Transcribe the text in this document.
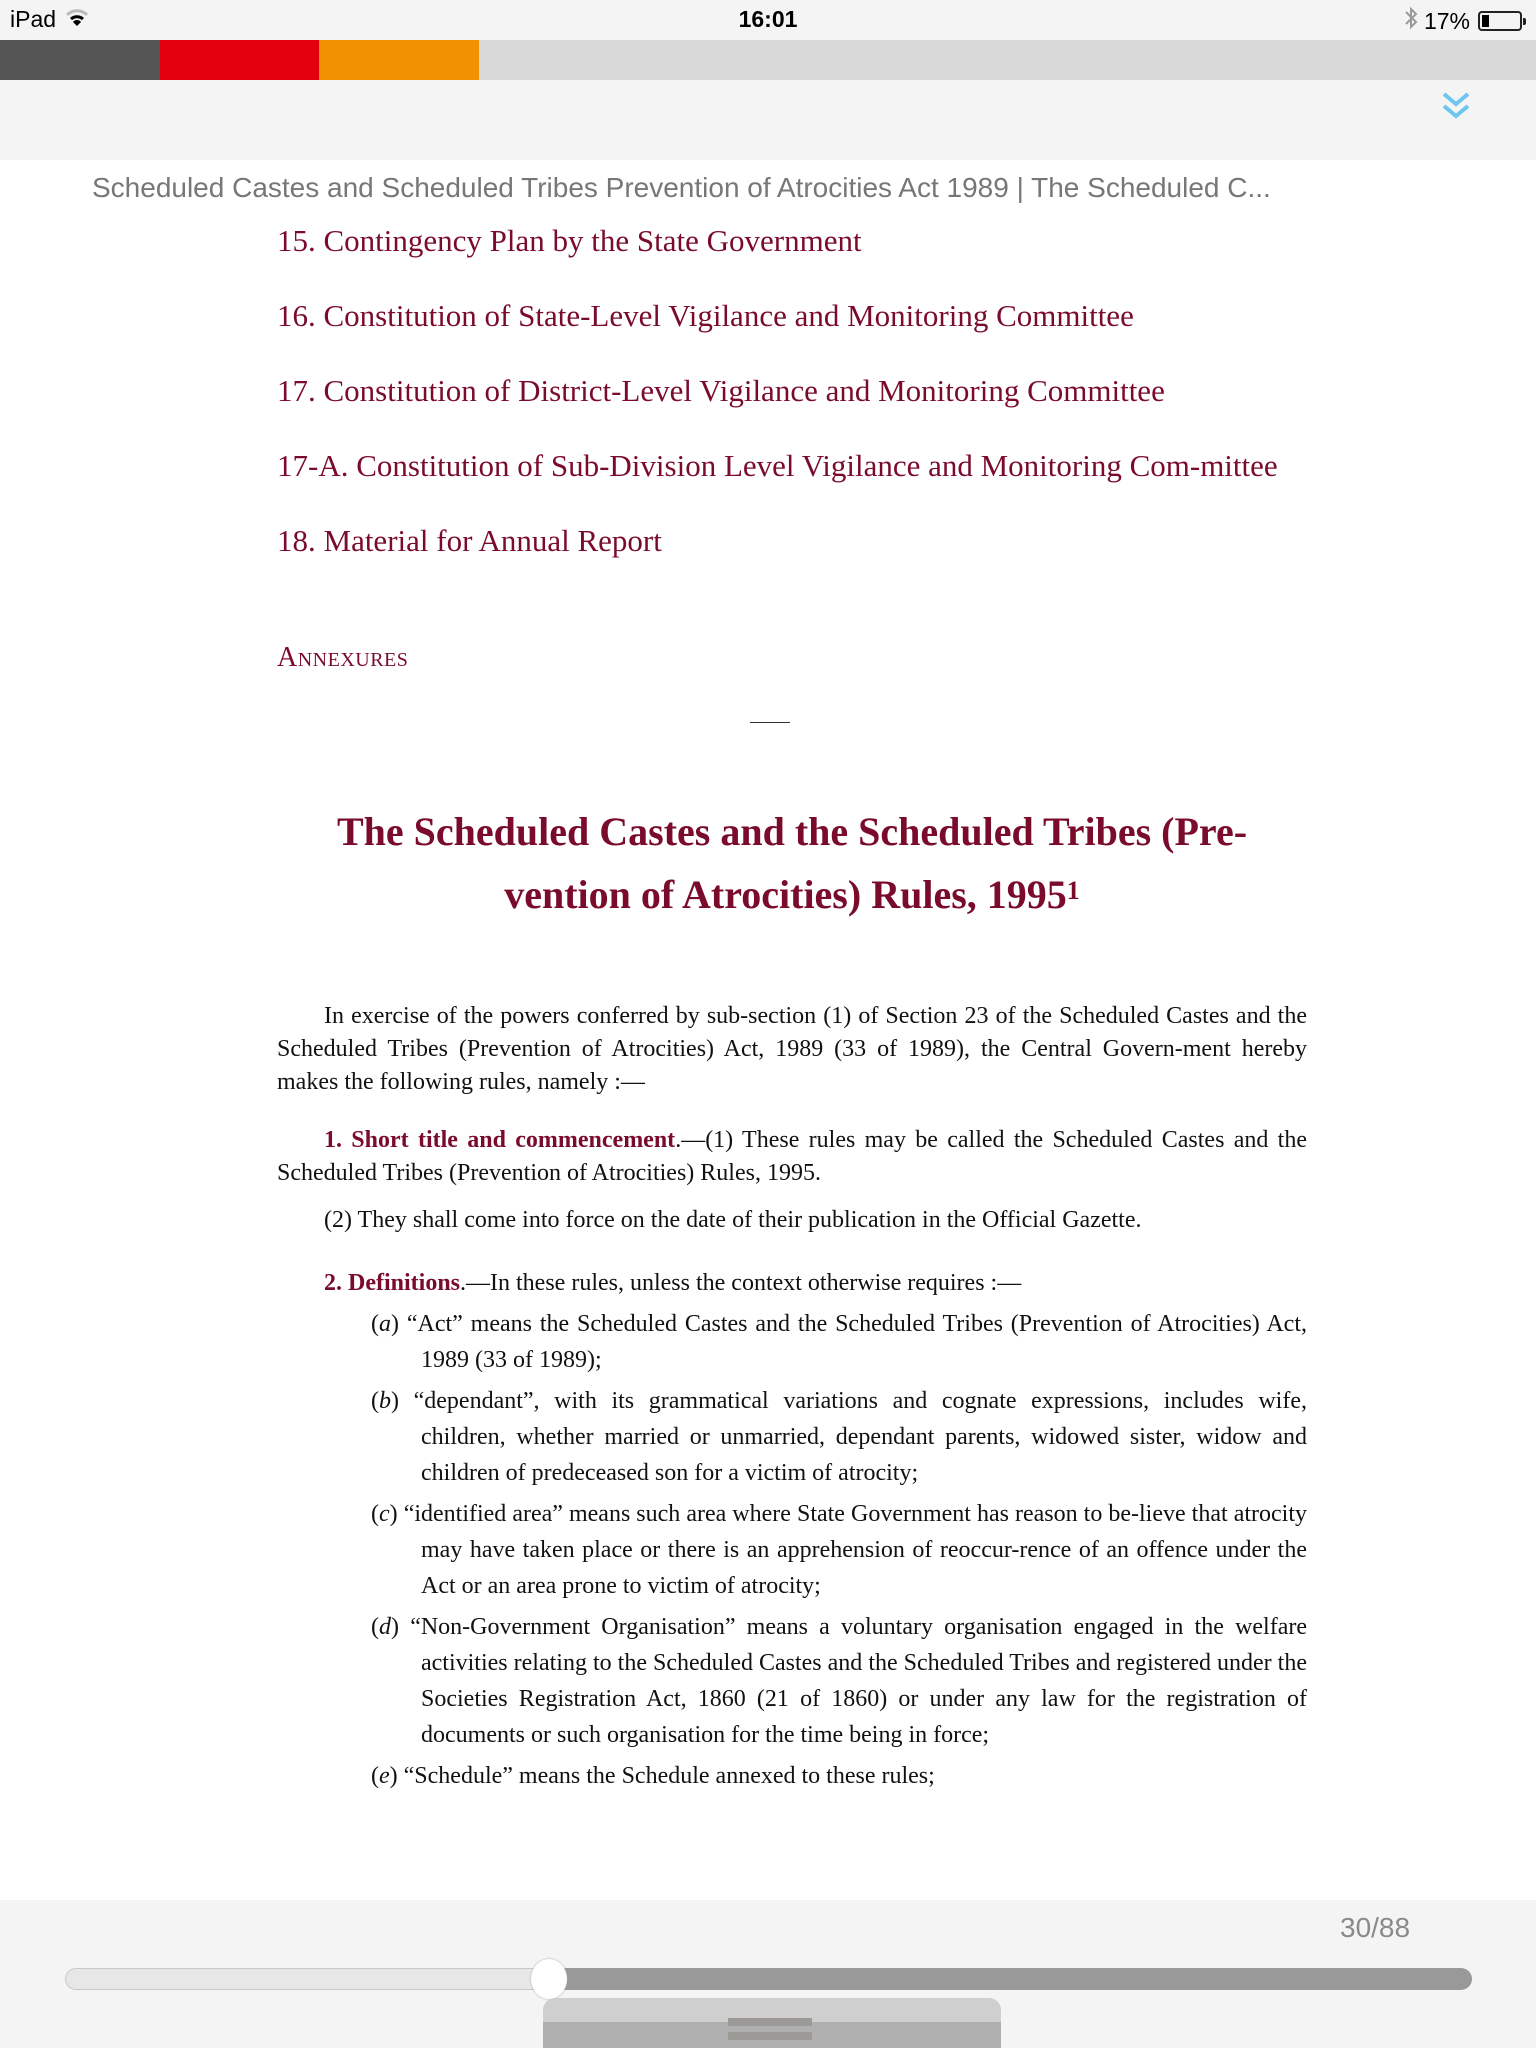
iPad	16:01	17%
Scheduled Castes and Scheduled Tribes Prevention of Atrocities Act 1989 | The Scheduled C...
15. Contingency Plan by the State Government
16. Constitution of State-Level Vigilance and Monitoring Committee
17. Constitution of District-Level Vigilance and Monitoring Committee
17-A. Constitution of Sub-Division Level Vigilance and Monitoring Com-mittee
18. Material for Annual Report
Annexures
The Scheduled Castes and the Scheduled Tribes (Pre-vention of Atrocities) Rules, 1995$^1$
In exercise of the powers conferred by sub-section (1) of Section 23 of the Scheduled Castes and the Scheduled Tribes (Prevention of Atrocities) Act, 1989 (33 of 1989), the Central Govern-ment hereby makes the following rules, namely :—
1. Short title and commencement.—(1) These rules may be called the Scheduled Castes and the Scheduled Tribes (Prevention of Atrocities) Rules, 1995.
(2) They shall come into force on the date of their publication in the Official Gazette.
2. Definitions.—In these rules, unless the context otherwise requires :—
(a) “Act” means the Scheduled Castes and the Scheduled Tribes (Prevention of Atrocities) Act, 1989 (33 of 1989);
(b) “dependant”, with its grammatical variations and cognate expressions, includes wife, children, whether married or unmarried, dependant parents, widowed sister, widow and children of predeceased son for a victim of atrocity;
(c) “identified area” means such area where State Government has reason to be-lieve that atrocity may have taken place or there is an apprehension of reoccur-rence of an offence under the Act or an area prone to victim of atrocity;
(d) “Non-Government Organisation” means a voluntary organisation engaged in the welfare activities relating to the Scheduled Castes and the Scheduled Tribes and registered under the Societies Registration Act, 1860 (21 of 1860) or under any law for the registration of documents or such organisation for the time being in force;
(e) “Schedule” means the Schedule annexed to these rules;
30/88
